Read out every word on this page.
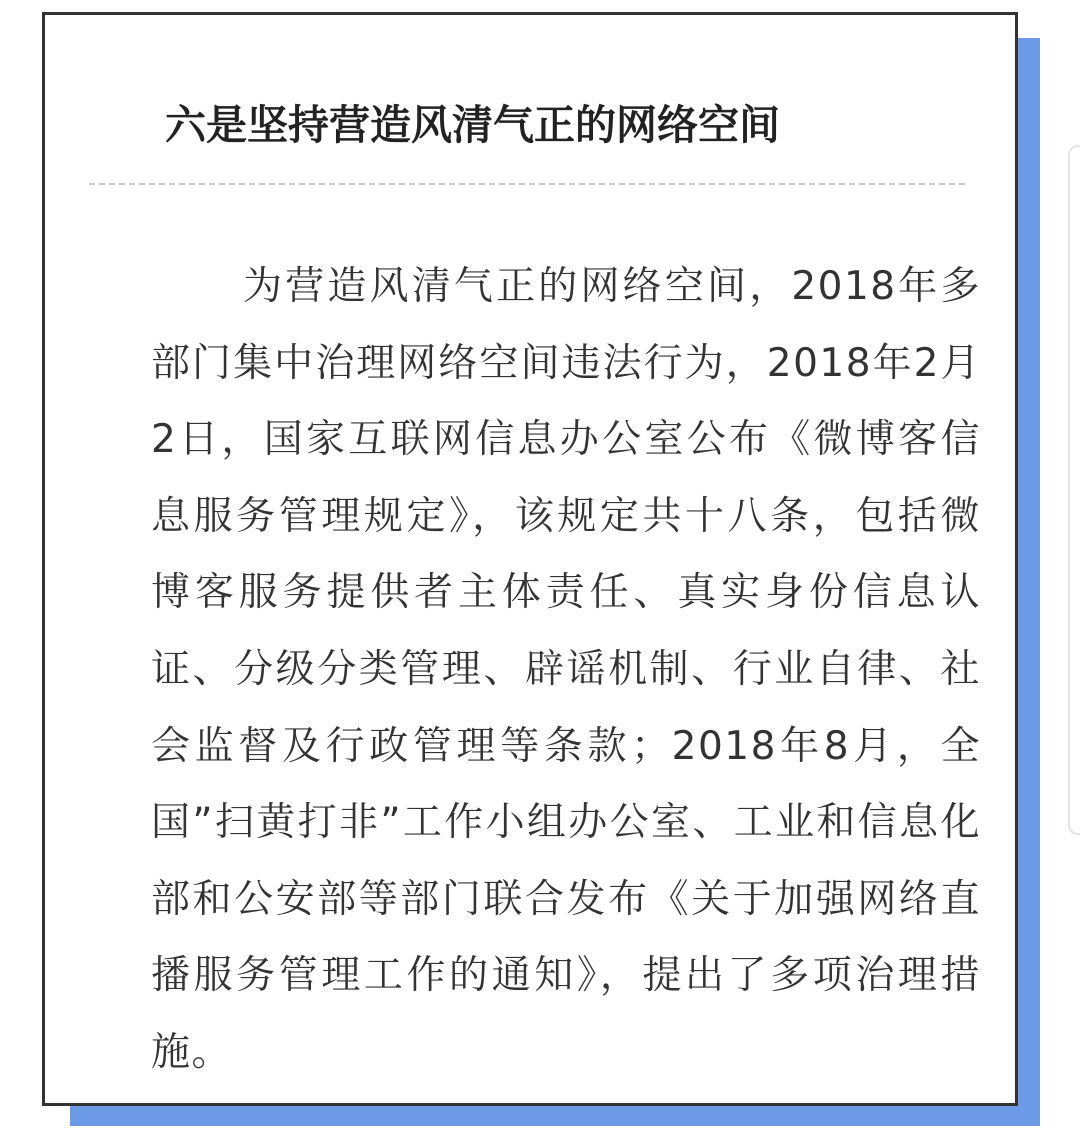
六是坚持营造风清气正的网络空间

为营造风清气正的网络空间，2018年多部门集中治理网络空间违法行为，2018年2月2日，国家互联网信息办公室公布《微博客信息服务管理规定》，该规定共十八条，包括微博客服务提供者主体责任、真实身份信息认证、分级分类管理、辟谣机制、行业自律、社会监督及行政管理等条款；2018年8月，全国”扫黄打非”工作小组办公室、工业和信息化部和公安部等部门联合发布《关于加强网络直播服务管理工作的通知》，提出了多项治理措施。
